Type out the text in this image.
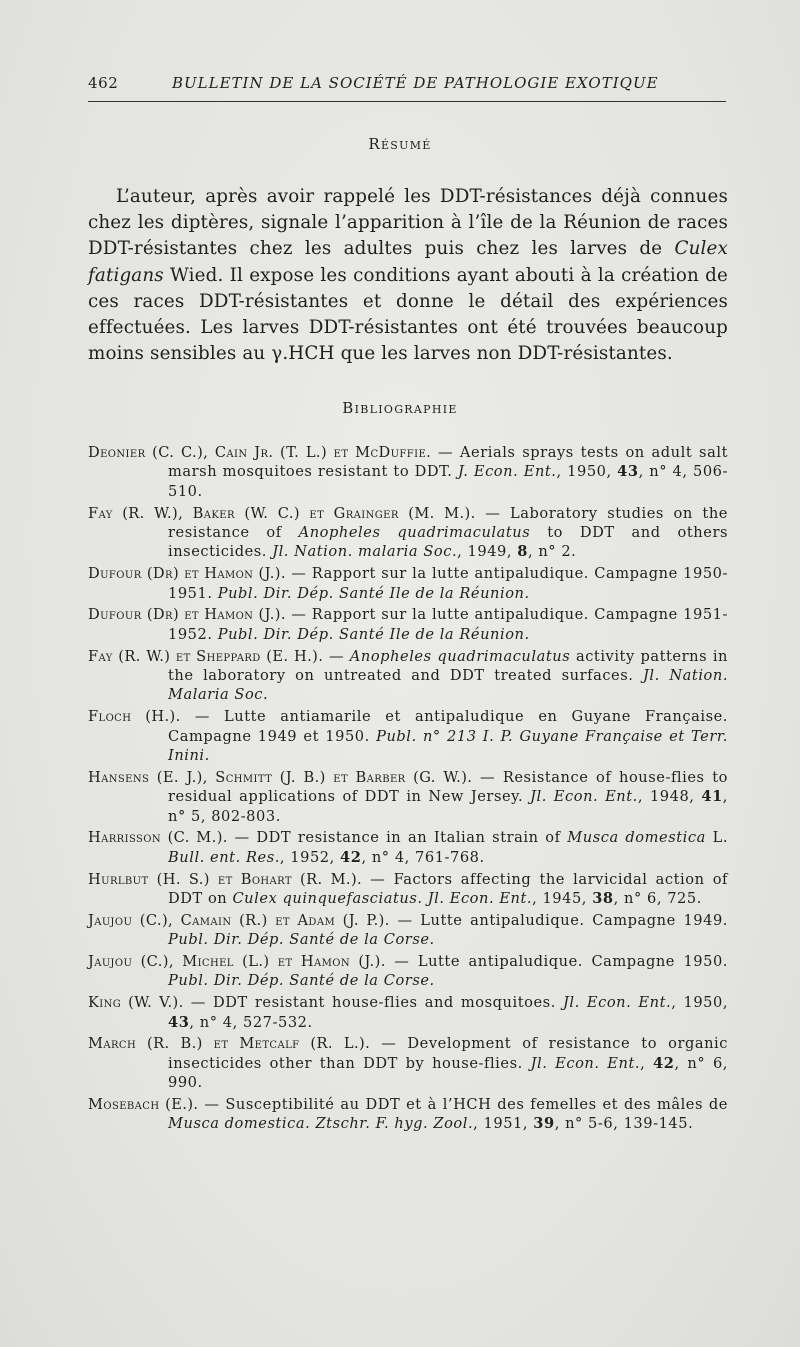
462	BULLETIN DE LA SOCIÉTÉ DE PATHOLOGIE EXOTIQUE
Résumé

L’auteur, après avoir rappelé les DDT-résistances déjà connues chez les diptères, signale l’apparition à l’île de la Réunion de races DDT-résistantes chez les adultes puis chez les larves de Culex fatigans Wied. Il expose les conditions ayant abouti à la création de ces races DDT-résistantes et donne le détail des expériences effectuées. Les larves DDT-résistantes ont été trouvées beaucoup moins sensibles au γ.HCH que les larves non DDT-résistantes.

Bibliographie
Deonier (C. C.), Cain Jr. (T. L.) et McDuffie. — Aerials sprays tests on adult salt marsh mosquitoes resistant to DDT. J. Econ. Ent., 1950, 43, n° 4, 506-510.
Fay (R. W.), Baker (W. C.) et Grainger (M. M.). — Laboratory studies on the resistance of Anopheles quadrimaculatus to DDT and others insecticides. Jl. Nation. malaria Soc., 1949, 8, n° 2.
Dufour (Dr) et Hamon (J.). — Rapport sur la lutte antipaludique. Campagne 1950-1951. Publ. Dir. Dép. Santé Ile de la Réunion.
Dufour (Dr) et Hamon (J.). — Rapport sur la lutte antipaludique. Campagne 1951-1952. Publ. Dir. Dép. Santé Ile de la Réunion.
Fay (R. W.) et Sheppard (E. H.). — Anopheles quadrimaculatus activity patterns in the laboratory on untreated and DDT treated surfaces. Jl. Nation. Malaria Soc.
Floch (H.). — Lutte antiamarile et antipaludique en Guyane Française. Campagne 1949 et 1950. Publ. n° 213 I. P. Guyane Française et Terr. Inini.
Hansens (E. J.), Schmitt (J. B.) et Barber (G. W.). — Resistance of house-flies to residual applications of DDT in New Jersey. Jl. Econ. Ent., 1948, 41, n° 5, 802-803.
Harrisson (C. M.). — DDT resistance in an Italian strain of Musca domestica L. Bull. ent. Res., 1952, 42, n° 4, 761-768.
Hurlbut (H. S.) et Bohart (R. M.). — Factors affecting the larvicidal action of DDT on Culex quinquefasciatus. Jl. Econ. Ent., 1945, 38, n° 6, 725.
Jaujou (C.), Camain (R.) et Adam (J. P.). — Lutte antipaludique. Campagne 1949. Publ. Dir. Dép. Santé de la Corse.
Jaujou (C.), Michel (L.) et Hamon (J.). — Lutte antipaludique. Campagne 1950. Publ. Dir. Dép. Santé de la Corse.
King (W. V.). — DDT resistant house-flies and mosquitoes. Jl. Econ. Ent., 1950, 43, n° 4, 527-532.
March (R. B.) et Metcalf (R. L.). — Development of resistance to organic insecticides other than DDT by house-flies. Jl. Econ. Ent., 42, n° 6, 990.
Mosebach (E.). — Susceptibilité au DDT et à l’HCH des femelles et des mâles de Musca domestica. Ztschr. F. hyg. Zool., 1951, 39, n° 5-6, 139-145.
